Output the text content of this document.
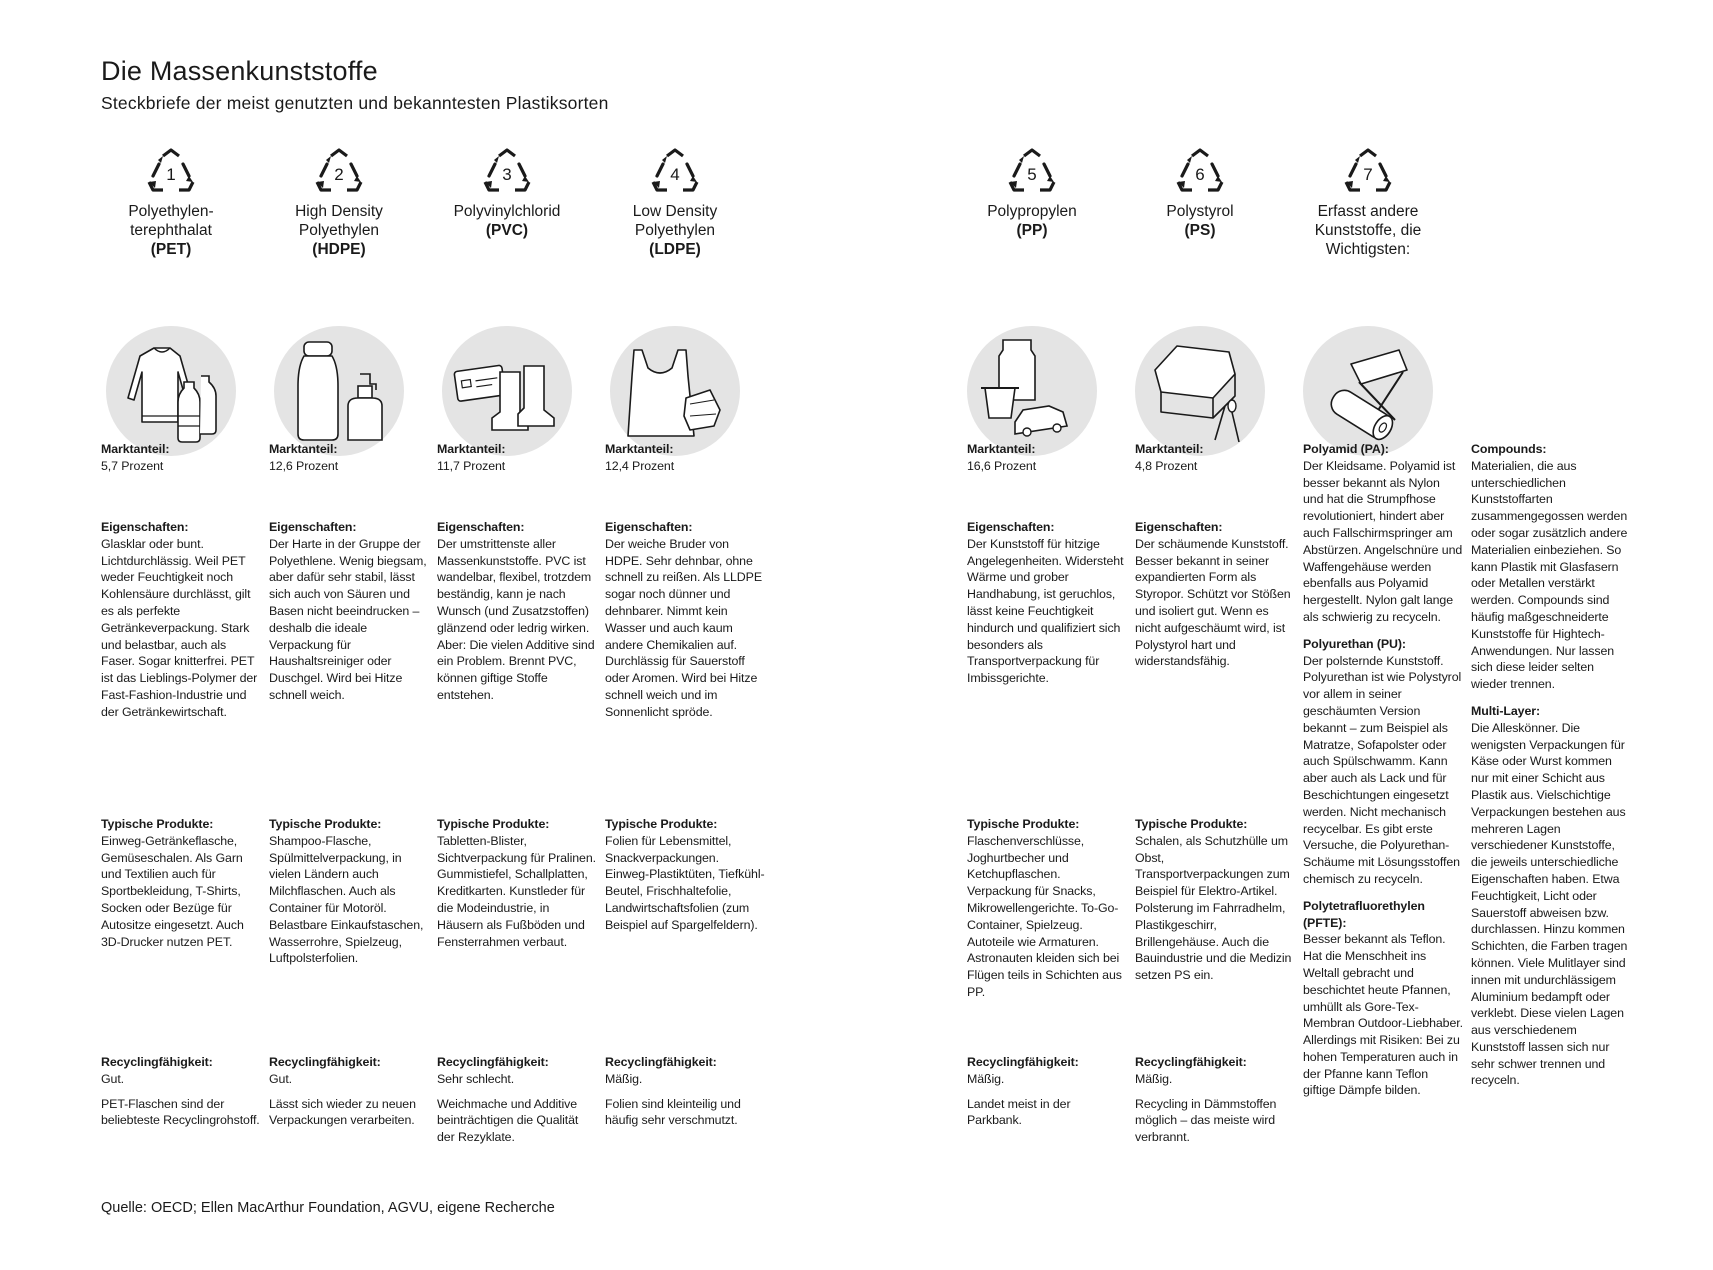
Die Massenkunststoffe

Steckbriefe der meist genutzten und bekanntesten Plastiksorten

1
Polyethylen-terephthalat
(PET)
2
High Density Polyethylen
(HDPE)
3
Polyvinylchlorid
(PVC)
4
Low Density Polyethylen
(LDPE)
5
Polypropylen
(PP)
6
Polystyrol
(PS)
7
Erfasst andere Kunststoffe, die Wichtigsten:
Marktanteil:
5,7 Prozent
Eigenschaften:
Glasklar oder bunt. Lichtdurchlässig. Weil PET weder Feuchtigkeit noch Kohlensäure durchlässt, gilt es als perfekte Getränkeverpackung. Stark und belastbar, auch als Faser. Sogar knitterfrei. PET ist das Lieblings-Polymer der Fast-Fashion-Industrie und der Getränkewirtschaft.
Typische Produkte:
Einweg-Getränkeflasche, Gemüseschalen. Als Garn und Textilien auch für Sportbekleidung, T-Shirts, Socken oder Bezüge für Autositze eingesetzt. Auch 3D-Drucker nutzen PET.
Recyclingfähigkeit:
Gut.
PET-Flaschen sind der beliebteste Recyclingrohstoff.
Marktanteil:
12,6 Prozent
Eigenschaften:
Der Harte in der Gruppe der Polyethlene. Wenig biegsam, aber dafür sehr stabil, lässt sich auch von Säuren und Basen nicht beeindrucken – deshalb die ideale Verpackung für Haushaltsreiniger oder Duschgel. Wird bei Hitze schnell weich.
Typische Produkte:
Shampoo-Flasche, Spülmittelverpackung, in vielen Ländern auch Milchflaschen. Auch als Container für Motoröl. Belastbare Einkaufstaschen, Wasserrohre, Spielzeug, Luftpolsterfolien.
Recyclingfähigkeit:
Gut.
Lässt sich wieder zu neuen Verpackungen verarbeiten.
Marktanteil:
11,7 Prozent
Eigenschaften:
Der umstrittenste aller Massenkunststoffe. PVC ist wandelbar, flexibel, trotzdem beständig, kann je nach Wunsch (und Zusatzstoffen) glänzend oder ledrig wirken. Aber: Die vielen Additive sind ein Problem. Brennt PVC, können giftige Stoffe entstehen.
Typische Produkte:
Tabletten-Blister, Sichtverpackung für Pralinen. Gummistiefel, Schallplatten, Kreditkarten. Kunstleder für die Modeindustrie, in Häusern als Fußböden und Fensterrahmen verbaut.
Recyclingfähigkeit:
Sehr schlecht.
Weichmache und Additive beinträchtigen die Qualität der Rezyklate.
Marktanteil:
12,4 Prozent
Eigenschaften:
Der weiche Bruder von HDPE. Sehr dehnbar, ohne schnell zu reißen. Als LLDPE sogar noch dünner und dehnbarer. Nimmt kein Wasser und auch kaum andere Chemikalien auf. Durchlässig für Sauerstoff oder Aromen. Wird bei Hitze schnell weich und im Sonnenlicht spröde.
Typische Produkte:
Folien für Lebensmittel, Snackverpackungen. Einweg-Plastiktüten, Tiefkühl-Beutel, Frischhaltefolie, Landwirtschaftsfolien (zum Beispiel auf Spargelfeldern).
Recyclingfähigkeit:
Mäßig.
Folien sind kleinteilig und häufig sehr verschmutzt.
Marktanteil:
16,6 Prozent
Eigenschaften:
Der Kunststoff für hitzige Angelegenheiten. Widersteht Wärme und grober Handhabung, ist geruchlos, lässt keine Feuchtigkeit hindurch und qualifiziert sich besonders als Transportverpackung für Imbissgerichte.
Typische Produkte:
Flaschenverschlüsse, Joghurtbecher und Ketchupflaschen. Verpackung für Snacks, Mikrowellengerichte. To-Go-Container, Spielzeug. Autoteile wie Armaturen. Astronauten kleiden sich bei Flügen teils in Schichten aus PP.
Recyclingfähigkeit:
Mäßig.
Landet meist in der Parkbank.
Marktanteil:
4,8 Prozent
Eigenschaften:
Der schäumende Kunststoff. Besser bekannt in seiner expandierten Form als Styropor. Schützt vor Stößen und isoliert gut. Wenn es nicht aufgeschäumt wird, ist Polystyrol hart und widerstandsfähig.
Typische Produkte:
Schalen, als Schutzhülle um Obst, Transportverpackungen zum Beispiel für Elektro-Artikel. Polsterung im Fahrradhelm, Plastikgeschirr, Brillengehäuse. Auch die Bauindustrie und die Medizin setzen PS ein.
Recyclingfähigkeit:
Mäßig.
Recycling in Dämmstoffen möglich – das meiste wird verbrannt.
Polyamid (PA):
Der Kleidsame. Polyamid ist besser bekannt als Nylon und hat die Strumpfhose revolutioniert, hindert aber auch Fallschirmspringer am Abstürzen. Angelschnüre und Waffengehäuse werden ebenfalls aus Polyamid hergestellt. Nylon galt lange als schwierig zu recyceln.
Polyurethan (PU):
Der polsternde Kunststoff. Polyurethan ist wie Polystyrol vor allem in seiner geschäumten Version bekannt – zum Beispiel als Matratze, Sofapolster oder auch Spülschwamm. Kann aber auch als Lack und für Beschichtungen eingesetzt werden. Nicht mechanisch recycelbar. Es gibt erste Versuche, die Polyurethan-Schäume mit Lösungsstoffen chemisch zu recyceln.
Polytetrafluorethylen (PFTE):
Besser bekannt als Teflon. Hat die Menschheit ins Weltall gebracht und beschichtet heute Pfannen, umhüllt als Gore-Tex-Membran Outdoor-Liebhaber. Allerdings mit Risiken: Bei zu hohen Temperaturen auch in der Pfanne kann Teflon giftige Dämpfe bilden.
Compounds:
Materialien, die aus unterschiedlichen Kunststoffarten zusammengegossen werden oder sogar zusätzlich andere Materialien einbeziehen. So kann Plastik mit Glasfasern oder Metallen verstärkt werden. Compounds sind häufig maßgeschneiderte Kunststoffe für Hightech-Anwendungen. Nur lassen sich diese leider selten wieder trennen.
Multi-Layer:
Die Alleskönner. Die wenigsten Verpackungen für Käse oder Wurst kommen nur mit einer Schicht aus Plastik aus. Vielschichtige Verpackungen bestehen aus mehreren Lagen verschiedener Kunststoffe, die jeweils unterschiedliche Eigenschaften haben. Etwa Feuchtigkeit, Licht oder Sauerstoff abweisen bzw. durchlassen. Hinzu kommen Schichten, die Farben tragen können. Viele Mulitlayer sind innen mit undurchlässigem Aluminium bedampft oder verklebt. Diese vielen Lagen aus verschiedenem Kunststoff lassen sich nur sehr schwer trennen und recyceln.
Quelle: OECD; Ellen MacArthur Foundation, AGVU, eigene Recherche
